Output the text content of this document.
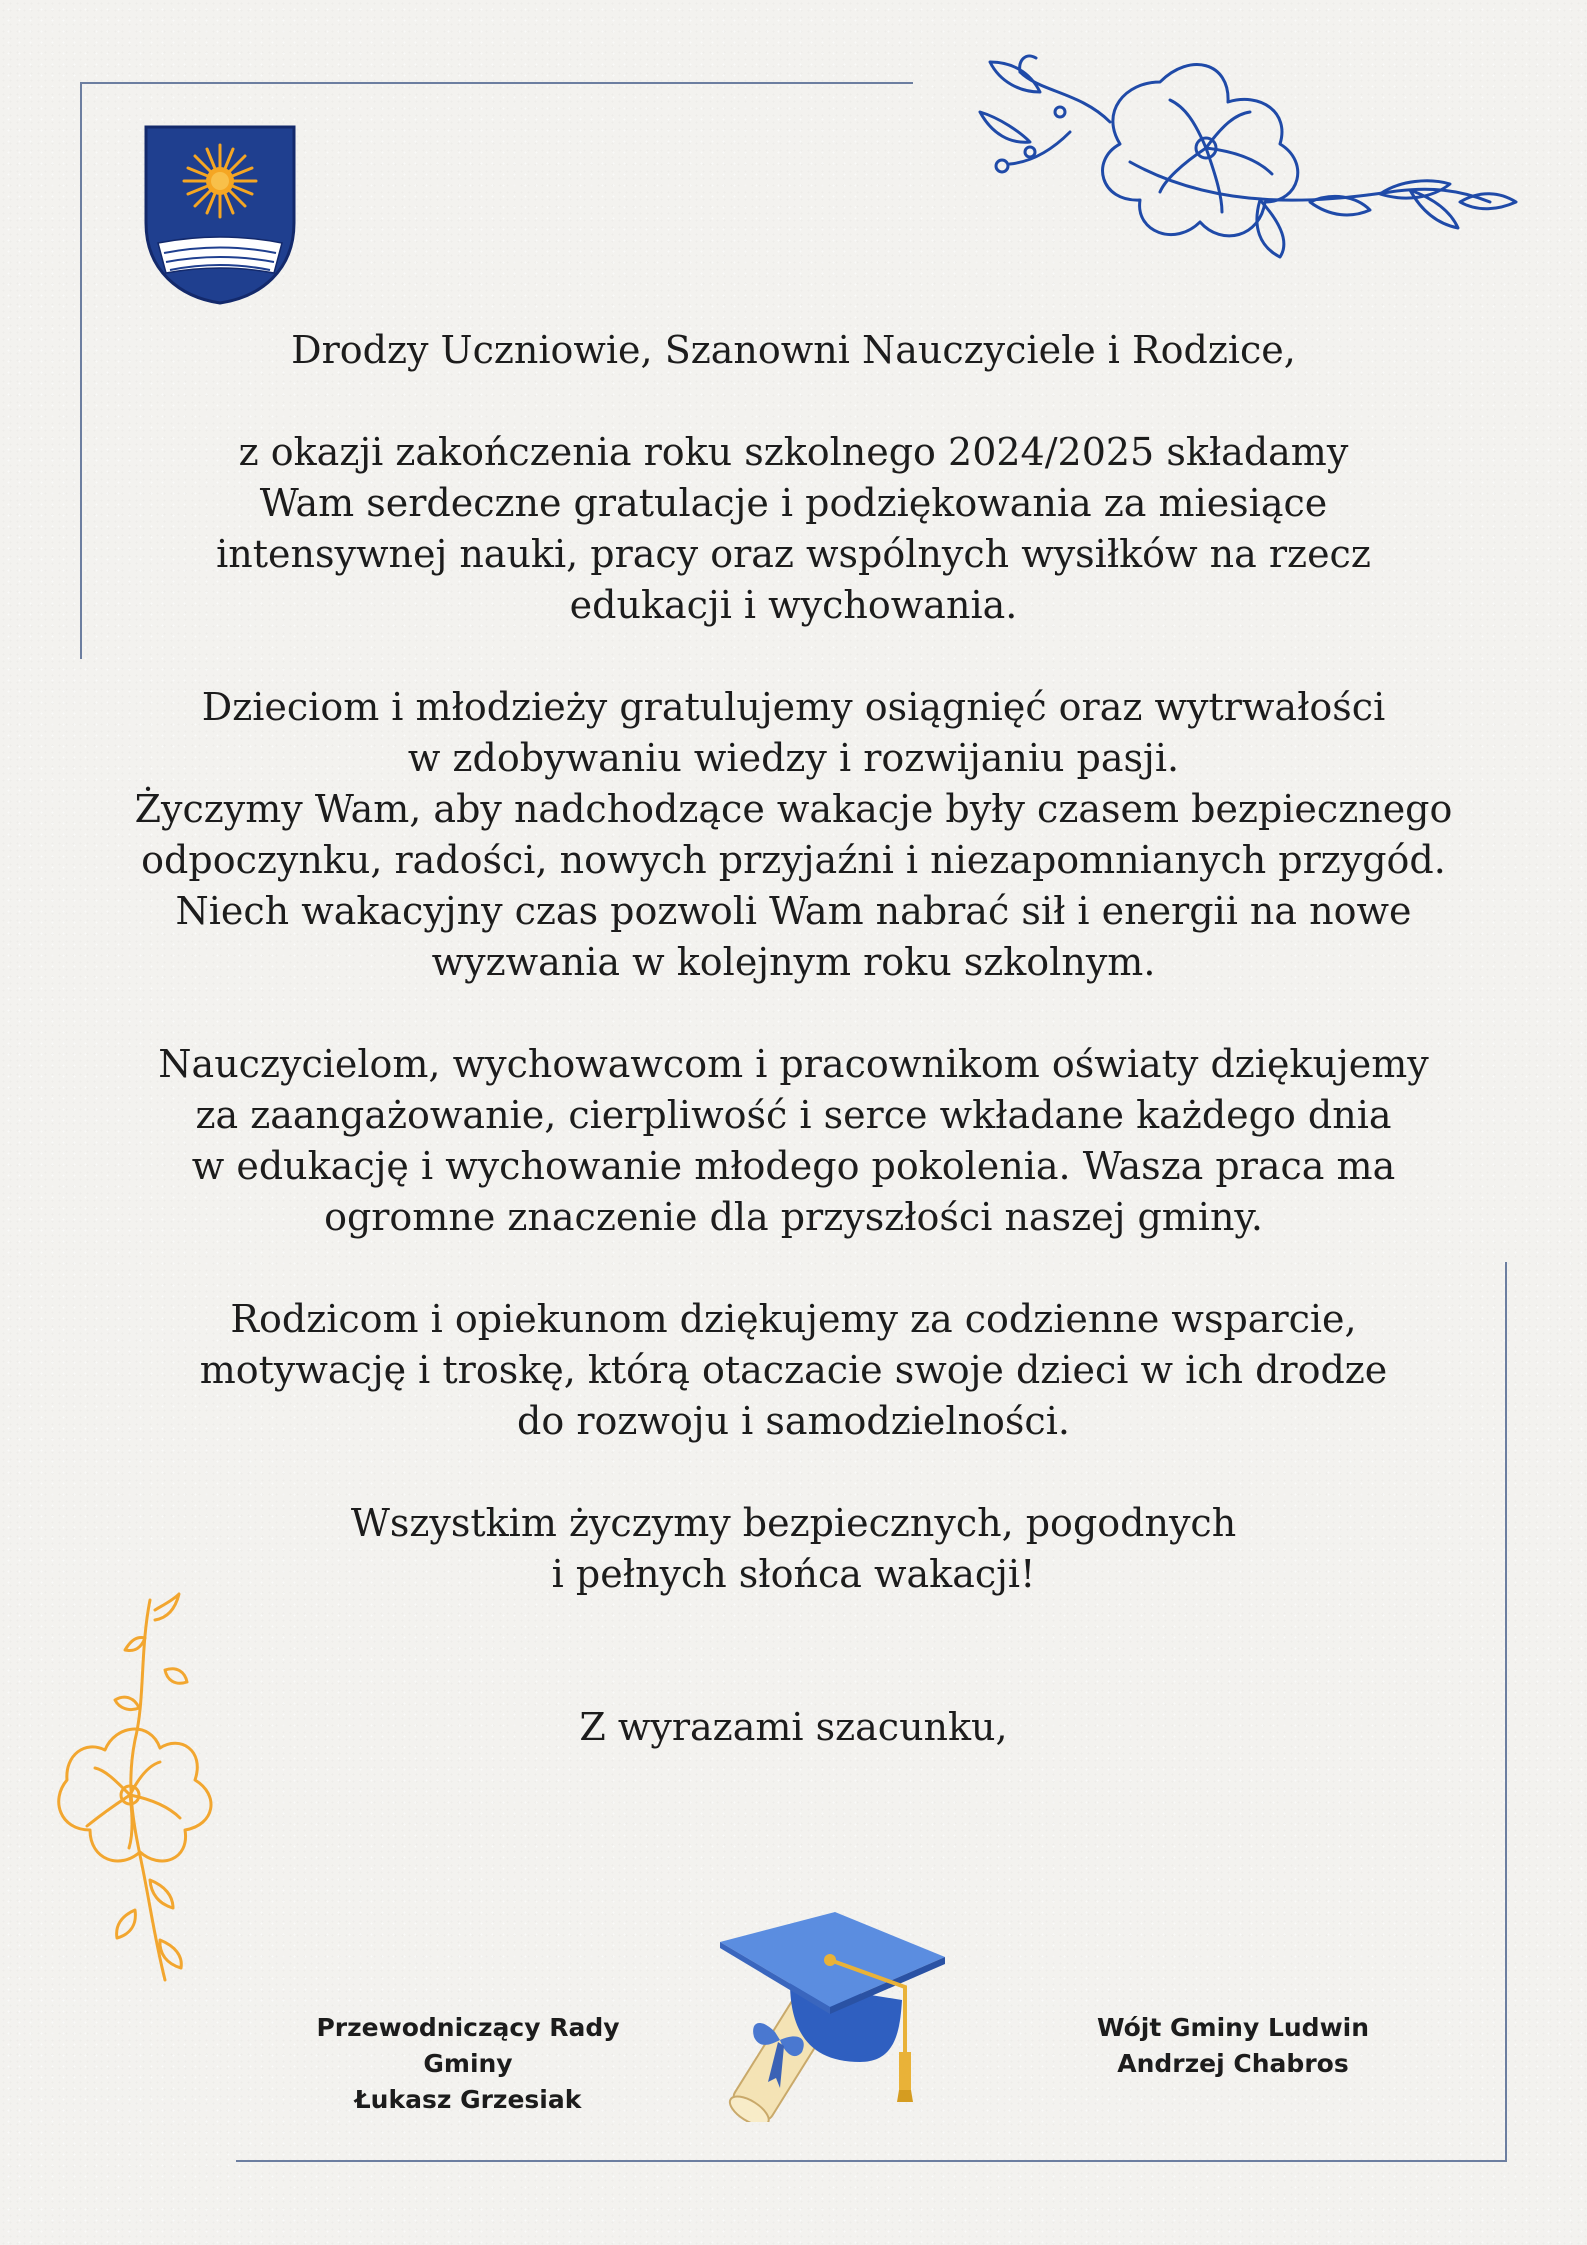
Drodzy Uczniowie, Szanowni Nauczyciele i Rodzice,

z okazji zakończenia roku szkolnego 2024/2025 składamy
Wam serdeczne gratulacje i podziękowania za miesiące
intensywnej nauki, pracy oraz wspólnych wysiłków na rzecz
edukacji i wychowania.

Dzieciom i młodzieży gratulujemy osiągnięć oraz wytrwałości
w zdobywaniu wiedzy i rozwijaniu pasji.
Życzymy Wam, aby nadchodzące wakacje były czasem bezpiecznego
odpoczynku, radości, nowych przyjaźni i niezapomnianych przygód.
Niech wakacyjny czas pozwoli Wam nabrać sił i energii na nowe
wyzwania w kolejnym roku szkolnym.

Nauczycielom, wychowawcom i pracownikom oświaty dziękujemy
za zaangażowanie, cierpliwość i serce wkładane każdego dnia
w edukację i wychowanie młodego pokolenia. Wasza praca ma
ogromne znaczenie dla przyszłości naszej gminy.

Rodzicom i opiekunom dziękujemy za codzienne wsparcie,
motywację i troskę, którą otaczacie swoje dzieci w ich drodze
do rozwoju i samodzielności.

Wszystkim życzymy bezpiecznych, pogodnych
i pełnych słońca wakacji!

Z wyrazami szacunku,

Przewodniczący Rady Gminy
Łukasz Grzesiak
Wójt Gminy Ludwin
Andrzej Chabros
